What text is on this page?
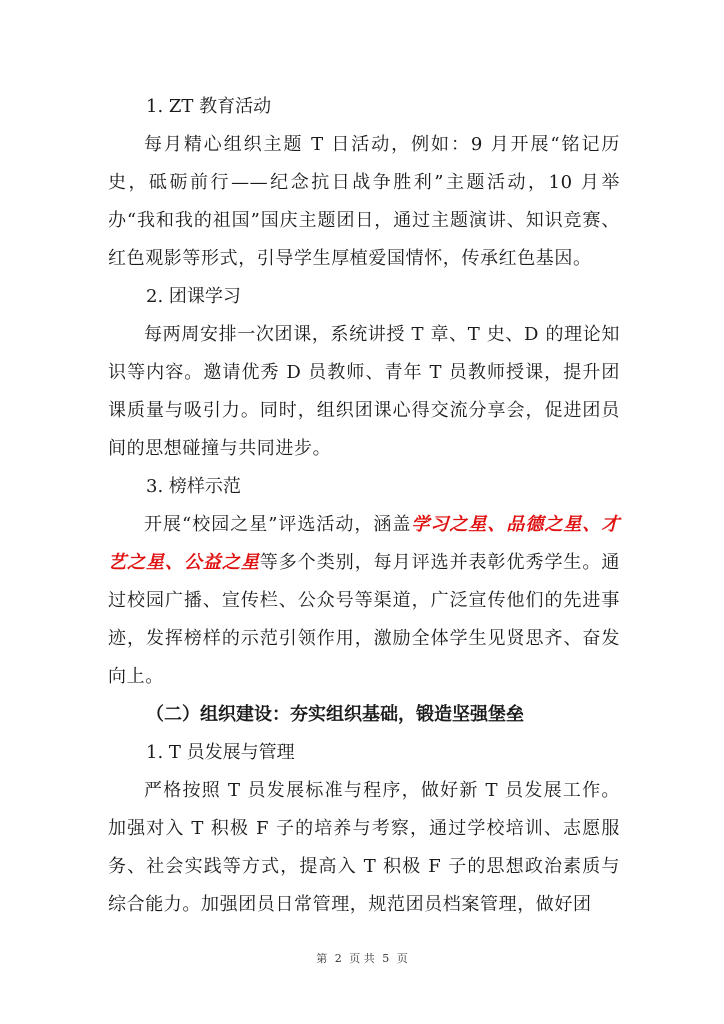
1. ZT 教育活动

每月精心组织主题 T 日活动，例如：9 月开展“铭记历史，砥砺前行——纪念抗日战争胜利”主题活动，10 月举办“我和我的祖国”国庆主题团日，通过主题演讲、知识竞赛、红色观影等形式，引导学生厚植爱国情怀，传承红色基因。

2. 团课学习

每两周安排一次团课，系统讲授 T 章、T 史、D 的理论知识等内容。邀请优秀 D 员教师、青年 T 员教师授课，提升团课质量与吸引力。同时，组织团课心得交流分享会，促进团员间的思想碰撞与共同进步。

3. 榜样示范

开展“校园之星”评选活动，涵盖学习之星、品德之星、才艺之星、公益之星等多个类别，每月评选并表彰优秀学生。通过校园广播、宣传栏、公众号等渠道，广泛宣传他们的先进事迹，发挥榜样的示范引领作用，激励全体学生见贤思齐、奋发向上。

（二）组织建设：夯实组织基础，锻造坚强堡垒

1. T 员发展与管理

严格按照 T 员发展标准与程序，做好新 T 员发展工作。加强对入 T 积极 F 子的培养与考察，通过学校培训、志愿服务、社会实践等方式，提高入 T 积极 F 子的思想政治素质与综合能力。加强团员日常管理，规范团员档案管理，做好团

第 2 页 共 5 页
